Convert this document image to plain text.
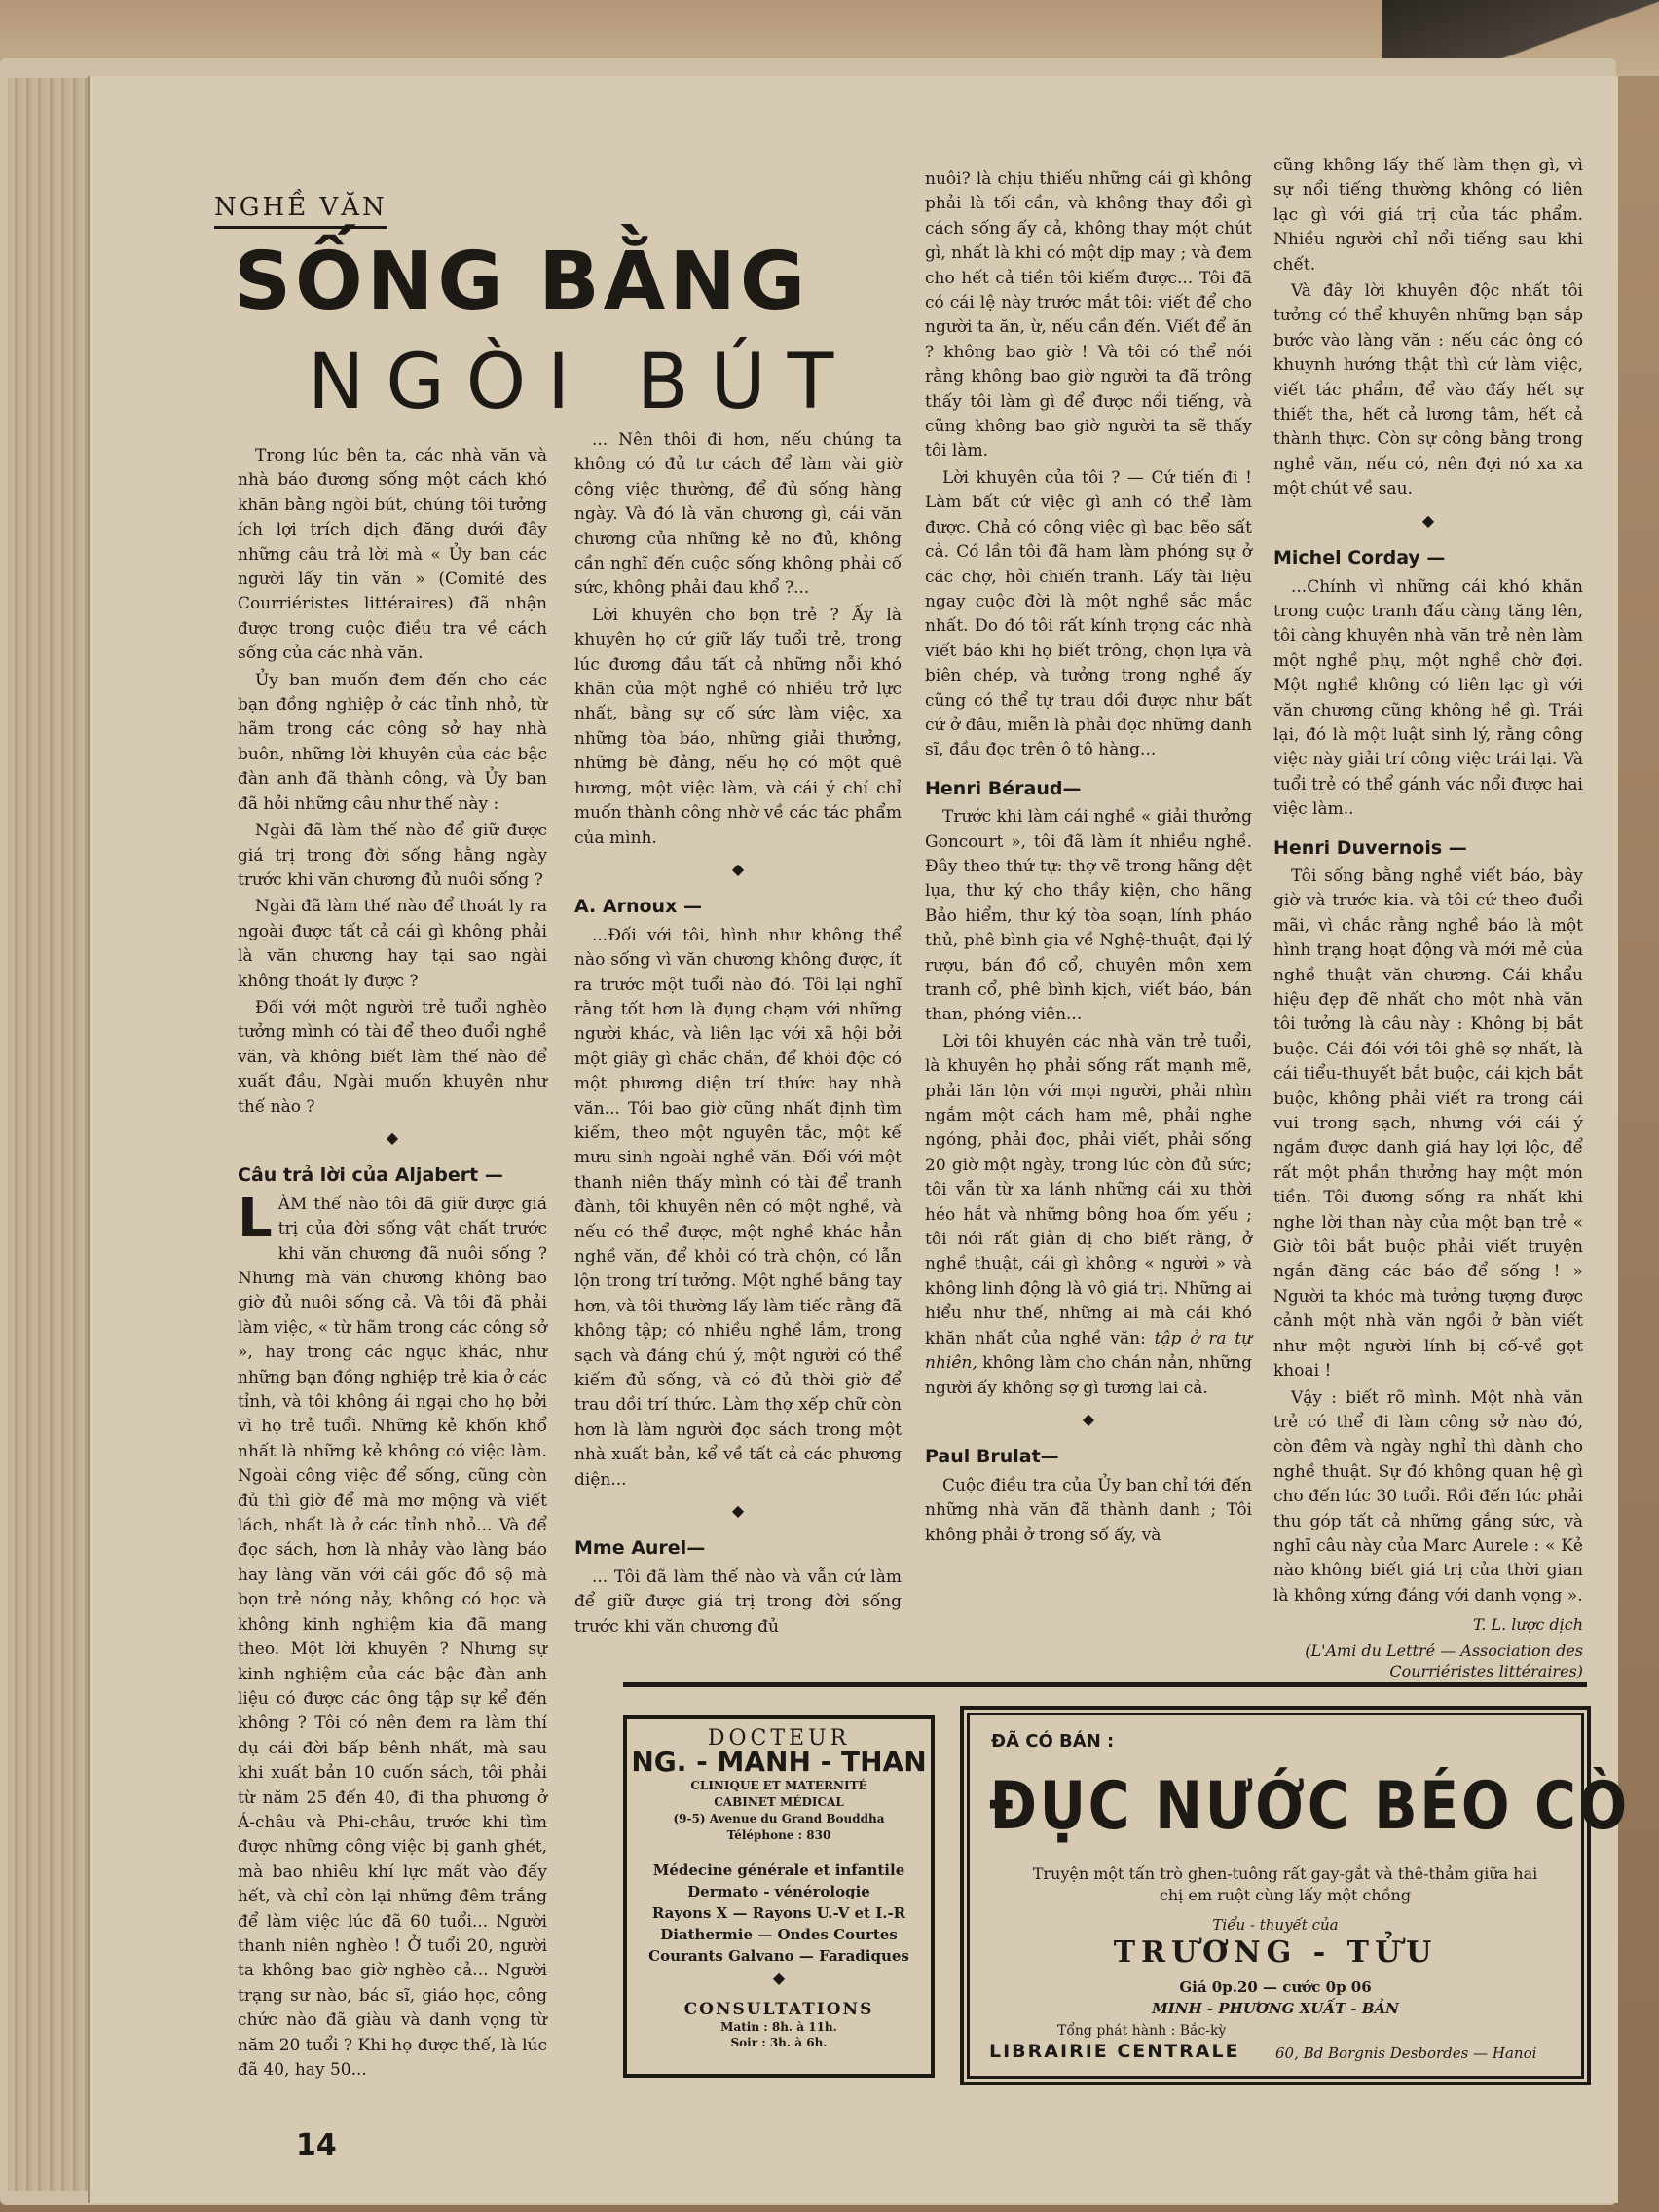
NGHỀ VĂN
SỐNG BẰNG
NGÒI BÚT

Trong lúc bên ta, các nhà văn và nhà báo đương sống một cách khó khăn bằng ngòi bút, chúng tôi tưởng ích lợi trích dịch đăng dưới đây những câu trả lời mà « Ủy ban các người lấy tin văn » (Comité des Courriéristes littéraires) đã nhận được trong cuộc điều tra về cách sống của các nhà văn.

Ủy ban muốn đem đến cho các bạn đồng nghiệp ở các tỉnh nhỏ, từ hãm trong các công sở hay nhà buôn, những lời khuyên của các bậc đàn anh đã thành công, và Ủy ban đã hỏi những câu như thế này :

Ngài đã làm thế nào để giữ được giá trị trong đời sống hằng ngày trước khi văn chương đủ nuôi sống ?

Ngài đã làm thế nào để thoát ly ra ngoài được tất cả cái gì không phải là văn chương hay tại sao ngài không thoát ly được ?

Đối với một người trẻ tuổi nghèo tưởng mình có tài để theo đuổi nghề văn, và không biết làm thế nào để xuất đầu, Ngài muốn khuyên như thế nào ?

◆

Câu trả lời của Aljabert —

LÀM thế nào tôi đã giữ được giá trị của đời sống vật chất trước khi văn chương đã nuôi sống ? Nhưng mà văn chương không bao giờ đủ nuôi sống cả. Và tôi đã phải làm việc, « từ hãm trong các công sở », hay trong các ngục khác, như những bạn đồng nghiệp trẻ kia ở các tỉnh, và tôi không ái ngại cho họ bởi vì họ trẻ tuổi. Những kẻ khốn khổ nhất là những kẻ không có việc làm. Ngoài công việc để sống, cũng còn đủ thì giờ để mà mơ mộng và viết lách, nhất là ở các tỉnh nhỏ... Và để đọc sách, hơn là nhảy vào làng báo hay làng văn với cái gốc đồ sộ mà bọn trẻ nóng nảy, không có học và không kinh nghiệm kia đã mang theo. Một lời khuyên ? Nhưng sự kinh nghiệm của các bậc đàn anh liệu có được các ông tập sự kể đến không ? Tôi có nên đem ra làm thí dụ cái đời bấp bênh nhất, mà sau khi xuất bản 10 cuốn sách, tôi phải từ năm 25 đến 40, đi tha phương ở Á-châu và Phi-châu, trước khi tìm được những công việc bị ganh ghét, mà bao nhiêu khí lực mất vào đấy hết, và chỉ còn lại những đêm trắng để làm việc lúc đã 60 tuổi... Người thanh niên nghèo ! Ở tuổi 20, người ta không bao giờ nghèo cả... Người trạng sư nào, bác sĩ, giáo học, công chức nào đã giàu và danh vọng từ năm 20 tuổi ? Khi họ được thế, là lúc đã 40, hay 50...

... Nên thôi đi hơn, nếu chúng ta không có đủ tư cách để làm vài giờ công việc thường, để đủ sống hàng ngày. Và đó là văn chương gì, cái văn chương của những kẻ no đủ, không cần nghĩ đến cuộc sống không phải cố sức, không phải đau khổ ?...

Lời khuyên cho bọn trẻ ? Ấy là khuyên họ cứ giữ lấy tuổi trẻ, trong lúc đương đầu tất cả những nỗi khó khăn của một nghề có nhiều trở lực nhất, bằng sự cố sức làm việc, xa những tòa báo, những giải thưởng, những bè đảng, nếu họ có một quê hương, một việc làm, và cái ý chí chỉ muốn thành công nhờ về các tác phẩm của mình.

◆

A. Arnoux —

...Đối với tôi, hình như không thể nào sống vì văn chương không được, ít ra trước một tuổi nào đó. Tôi lại nghĩ rằng tốt hơn là đụng chạm với những người khác, và liên lạc với xã hội bởi một giây gì chắc chắn, để khỏi độc có một phương diện trí thức hay nhà văn... Tôi bao giờ cũng nhất định tìm kiếm, theo một nguyên tắc, một kế mưu sinh ngoài nghề văn. Đối với một thanh niên thấy mình có tài để tranh đành, tôi khuyên nên có một nghề, và nếu có thể được, một nghề khác hẳn nghề văn, để khỏi có trà chộn, có lẫn lộn trong trí tưởng. Một nghề bằng tay hơn, và tôi thường lấy làm tiếc rằng đã không tập; có nhiều nghề lắm, trong sạch và đáng chú ý, một người có thể kiếm đủ sống, và có đủ thời giờ để trau dồi trí thức. Làm thợ xếp chữ còn hơn là làm người đọc sách trong một nhà xuất bản, kể về tất cả các phương diện...

◆

Mme Aurel—

... Tôi đã làm thế nào và vẫn cứ làm để giữ được giá trị trong đời sống trước khi văn chương đủ

nuôi? là chịu thiếu những cái gì không phải là tối cần, và không thay đổi gì cách sống ấy cả, không thay một chút gì, nhất là khi có một dịp may ; và đem cho hết cả tiền tôi kiếm được... Tôi đã có cái lệ này trước mắt tôi: viết để cho người ta ăn, ừ, nếu cần đến. Viết để ăn ? không bao giờ ! Và tôi có thể nói rằng không bao giờ người ta đã trông thấy tôi làm gì để được nổi tiếng, và cũng không bao giờ người ta sẽ thấy tôi làm.

Lời khuyên của tôi ? — Cứ tiến đi ! Làm bất cứ việc gì anh có thể làm được. Chả có công việc gì bạc bẽo sất cả. Có lần tôi đã ham làm phóng sự ở các chợ, hỏi chiến tranh. Lấy tài liệu ngay cuộc đời là một nghề sắc mắc nhất. Do đó tôi rất kính trọng các nhà viết báo khi họ biết trông, chọn lựa và biên chép, và tưởng trong nghề ấy cũng có thể tự trau dồi được như bất cứ ở đâu, miễn là phải đọc những danh sĩ, đầu đọc trên ô tô hàng...

Henri Béraud—

Trước khi làm cái nghề « giải thưởng Goncourt », tôi đã làm ít nhiều nghề. Đây theo thứ tự: thợ vẽ trong hãng dệt lụa, thư ký cho thầy kiện, cho hãng Bảo hiểm, thư ký tòa soạn, lính pháo thủ, phê bình gia về Nghệ-thuật, đại lý rượu, bán đồ cổ, chuyên môn xem tranh cổ, phê bình kịch, viết báo, bán than, phóng viên...

Lời tôi khuyên các nhà văn trẻ tuổi, là khuyên họ phải sống rất mạnh mẽ, phải lăn lộn với mọi người, phải nhìn ngắm một cách ham mê, phải nghe ngóng, phải đọc, phải viết, phải sống 20 giờ một ngày, trong lúc còn đủ sức; tôi vẫn từ xa lánh những cái xu thời héo hắt và những bông hoa ốm yếu ; tôi nói rất giản dị cho biết rằng, ở nghề thuật, cái gì không « người » và không linh động là vô giá trị. Những ai hiểu như thế, những ai mà cái khó khăn nhất của nghề văn: tập ở ra tự nhiên, không làm cho chán nản, những người ấy không sợ gì tương lai cả.

◆

Paul Brulat—

Cuộc điều tra của Ủy ban chỉ tới đến những nhà văn đã thành danh ; Tôi không phải ở trong số ấy, và

cũng không lấy thế làm thẹn gì, vì sự nổi tiếng thường không có liên lạc gì với giá trị của tác phẩm. Nhiều người chỉ nổi tiếng sau khi chết.

Và đây lời khuyên độc nhất tôi tưởng có thể khuyên những bạn sắp bước vào làng văn : nếu các ông có khuynh hướng thật thì cứ làm việc, viết tác phẩm, để vào đấy hết sự thiết tha, hết cả lương tâm, hết cả thành thực. Còn sự công bằng trong nghề văn, nếu có, nên đợi nó xa xa một chút về sau.

◆

Michel Corday —

...Chính vì những cái khó khăn trong cuộc tranh đấu càng tăng lên, tôi càng khuyên nhà văn trẻ nên làm một nghề phụ, một nghề chờ đợi. Một nghề không có liên lạc gì với văn chương cũng không hề gì. Trái lại, đó là một luật sinh lý, rằng công việc này giải trí công việc trái lại. Và tuổi trẻ có thể gánh vác nổi được hai việc làm..

Henri Duvernois —

Tôi sống bằng nghề viết báo, bây giờ và trước kia. và tôi cứ theo đuổi mãi, vì chắc rằng nghề báo là một hình trạng hoạt động và mới mẻ của nghề thuật văn chương. Cái khẩu hiệu đẹp đẽ nhất cho một nhà văn tôi tưởng là câu này : Không bị bắt buộc. Cái đói với tôi ghê sợ nhất, là cái tiểu-thuyết bắt buộc, cái kịch bắt buộc, không phải viết ra trong cái vui trong sạch, nhưng với cái ý ngắm được danh giá hay lợi lộc, để rất một phần thưởng hay một món tiền. Tôi đương sống ra nhất khi nghe lời than này của một bạn trẻ « Giờ tôi bắt buộc phải viết truyện ngắn đăng các báo để sống ! » Người ta khóc mà tưởng tượng được cảnh một nhà văn ngồi ở bàn viết như một người lính bị cố-về gọt khoai !

Vậy : biết rõ mình. Một nhà văn trẻ có thể đi làm công sở nào đó, còn đêm và ngày nghỉ thì dành cho nghề thuật. Sự đó không quan hệ gì cho đến lúc 30 tuổi. Rồi đến lúc phải thu góp tất cả những gắng sức, và nghĩ câu này của Marc Aurele : « Kẻ nào không biết giá trị của thời gian là không xứng đáng với danh vọng ».

T. L. lược dịch
(L'Ami du Lettré — Association des Courriéristes littéraires)
DOCTEUR
NG. - MANH - THAN
CLINIQUE ET MATERNITÉ
CABINET MÉDICAL
(9-5) Avenue du Grand Bouddha
Téléphone : 830
Médecine générale et infantile
Dermato - vénérologie
Rayons X — Rayons U.-V et I.-R
Diathermie — Ondes Courtes
Courants Galvano — Faradiques
◆
CONSULTATIONS
Matin : 8h. à 11h.
Soir : 3h. à 6h.
ĐÃ CÓ BÁN :
ĐỤC NƯỚC BÉO CÒ
Truyện một tấn trò ghen-tuông rất gay-gắt và thê-thảm giữa hai chị em ruột cùng lấy một chồng
Tiểu - thuyết của
TRƯƠNG - TỬU
Giá 0p.20 — cước 0p 06
MINH - PHƯƠNG XUẤT - BẢN
Tổng phát hành : Bắc-kỳ
LIBRAIRIE CENTRALE 60, Bd Borgnis Desbordes — Hanoi
14
